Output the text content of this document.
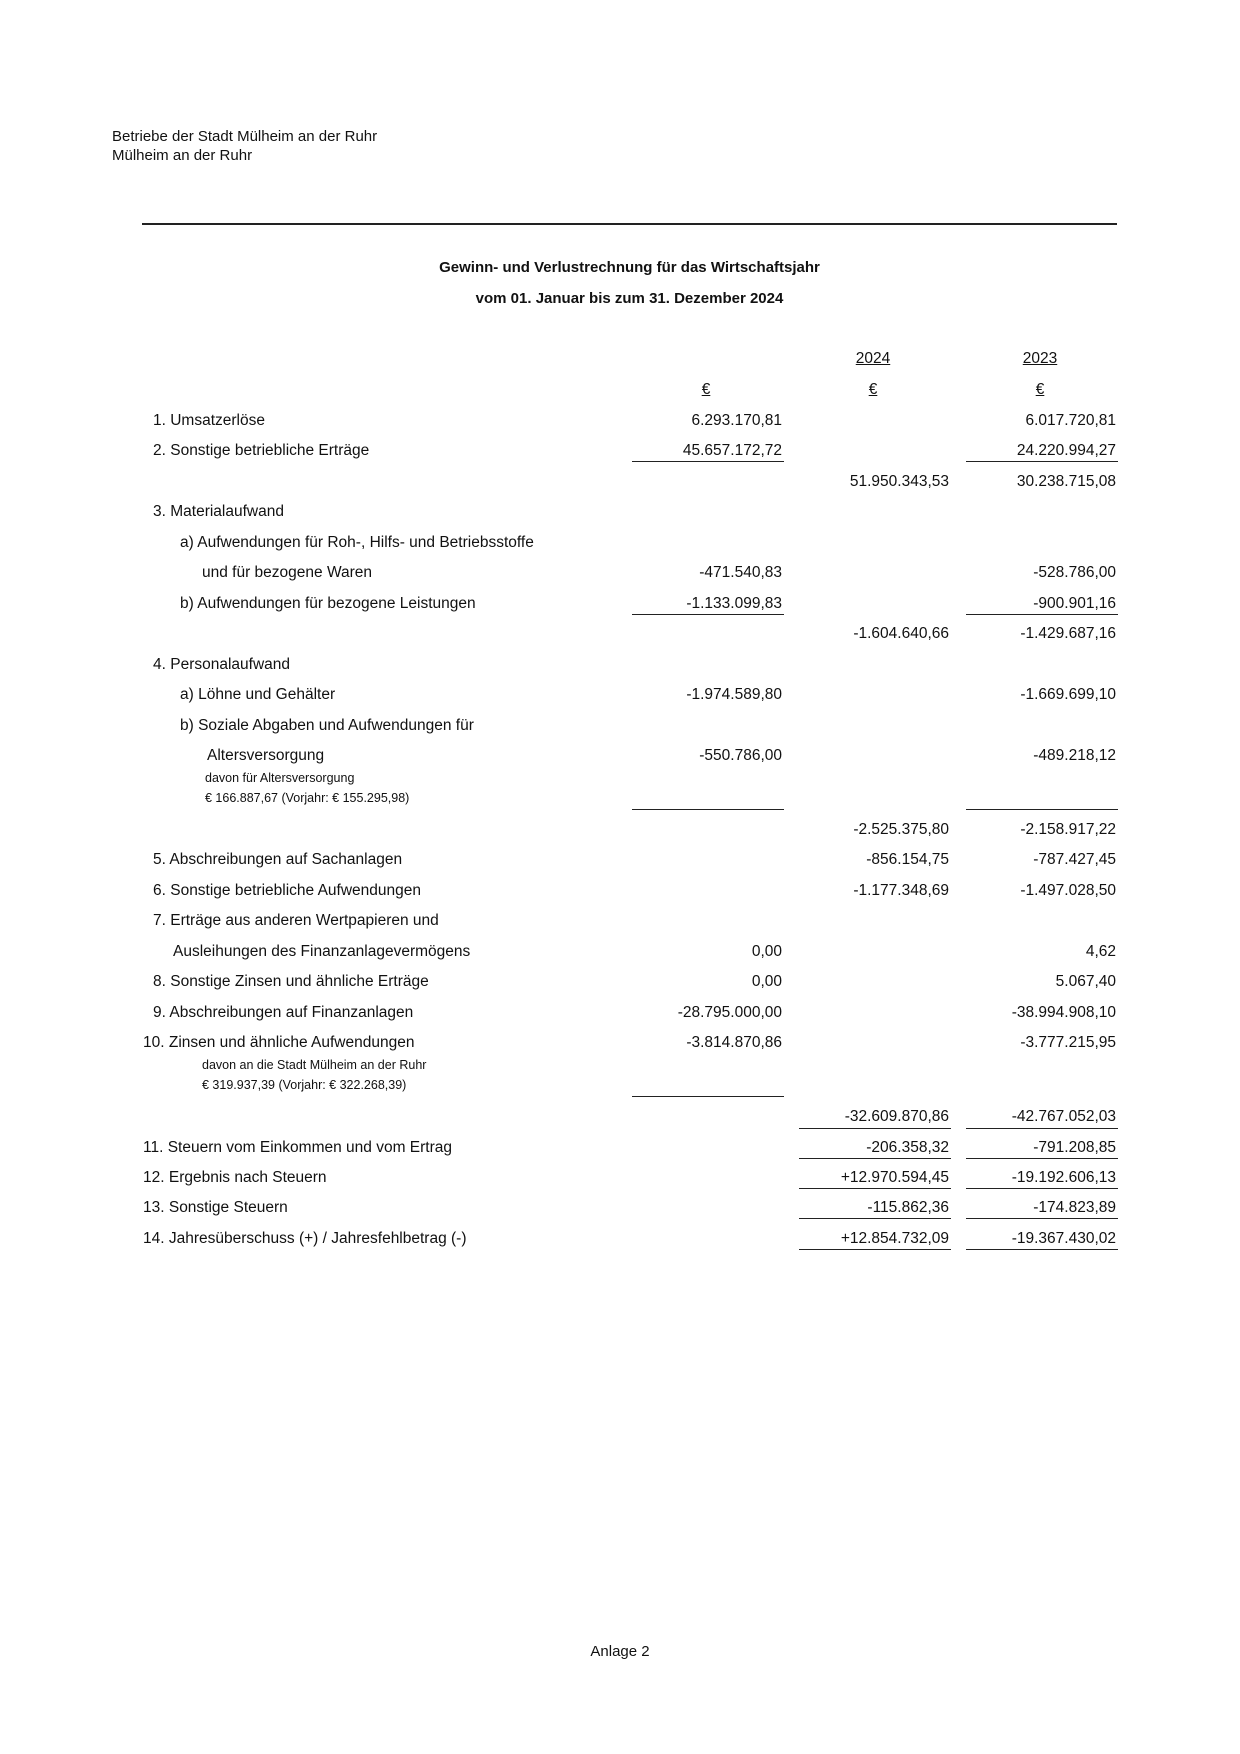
Betriebe der Stadt Mülheim an der Ruhr
Mülheim an der Ruhr
Gewinn- und Verlustrechnung für das Wirtschaftsjahr
vom 01. Januar bis zum 31. Dezember 2024
2024	2023
€	€	€
1. Umsatzerlöse	6.293.170,81	6.017.720,81
2. Sonstige betriebliche Erträge	45.657.172,72	24.220.994,27
51.950.343,53	30.238.715,08
3. Materialaufwand
a) Aufwendungen für Roh-, Hilfs- und Betriebsstoffe
und für bezogene Waren	-471.540,83	-528.786,00
b) Aufwendungen für bezogene Leistungen	-1.133.099,83	-900.901,16
-1.604.640,66	-1.429.687,16
4. Personalaufwand
a) Löhne und Gehälter	-1.974.589,80	-1.669.699,10
b) Soziale Abgaben und Aufwendungen für
Altersversorgung	-550.786,00	-489.218,12
davon für Altersversorgung
€ 166.887,67 (Vorjahr: € 155.295,98)
-2.525.375,80	-2.158.917,22
5. Abschreibungen auf Sachanlagen	-856.154,75	-787.427,45
6. Sonstige betriebliche Aufwendungen	-1.177.348,69	-1.497.028,50
7. Erträge aus anderen Wertpapieren und
Ausleihungen des Finanzanlagevermögens	0,00	4,62
8. Sonstige Zinsen und ähnliche Erträge	0,00	5.067,40
9. Abschreibungen auf Finanzanlagen	-28.795.000,00	-38.994.908,10
10. Zinsen und ähnliche Aufwendungen	-3.814.870,86	-3.777.215,95
davon an die Stadt Mülheim an der Ruhr
€ 319.937,39 (Vorjahr: € 322.268,39)
-32.609.870,86	-42.767.052,03
11. Steuern vom Einkommen und vom Ertrag	-206.358,32	-791.208,85
12. Ergebnis nach Steuern	+12.970.594,45	-19.192.606,13
13. Sonstige Steuern	-115.862,36	-174.823,89
14. Jahresüberschuss (+) / Jahresfehlbetrag (-)	+12.854.732,09	-19.367.430,02
Anlage 2
